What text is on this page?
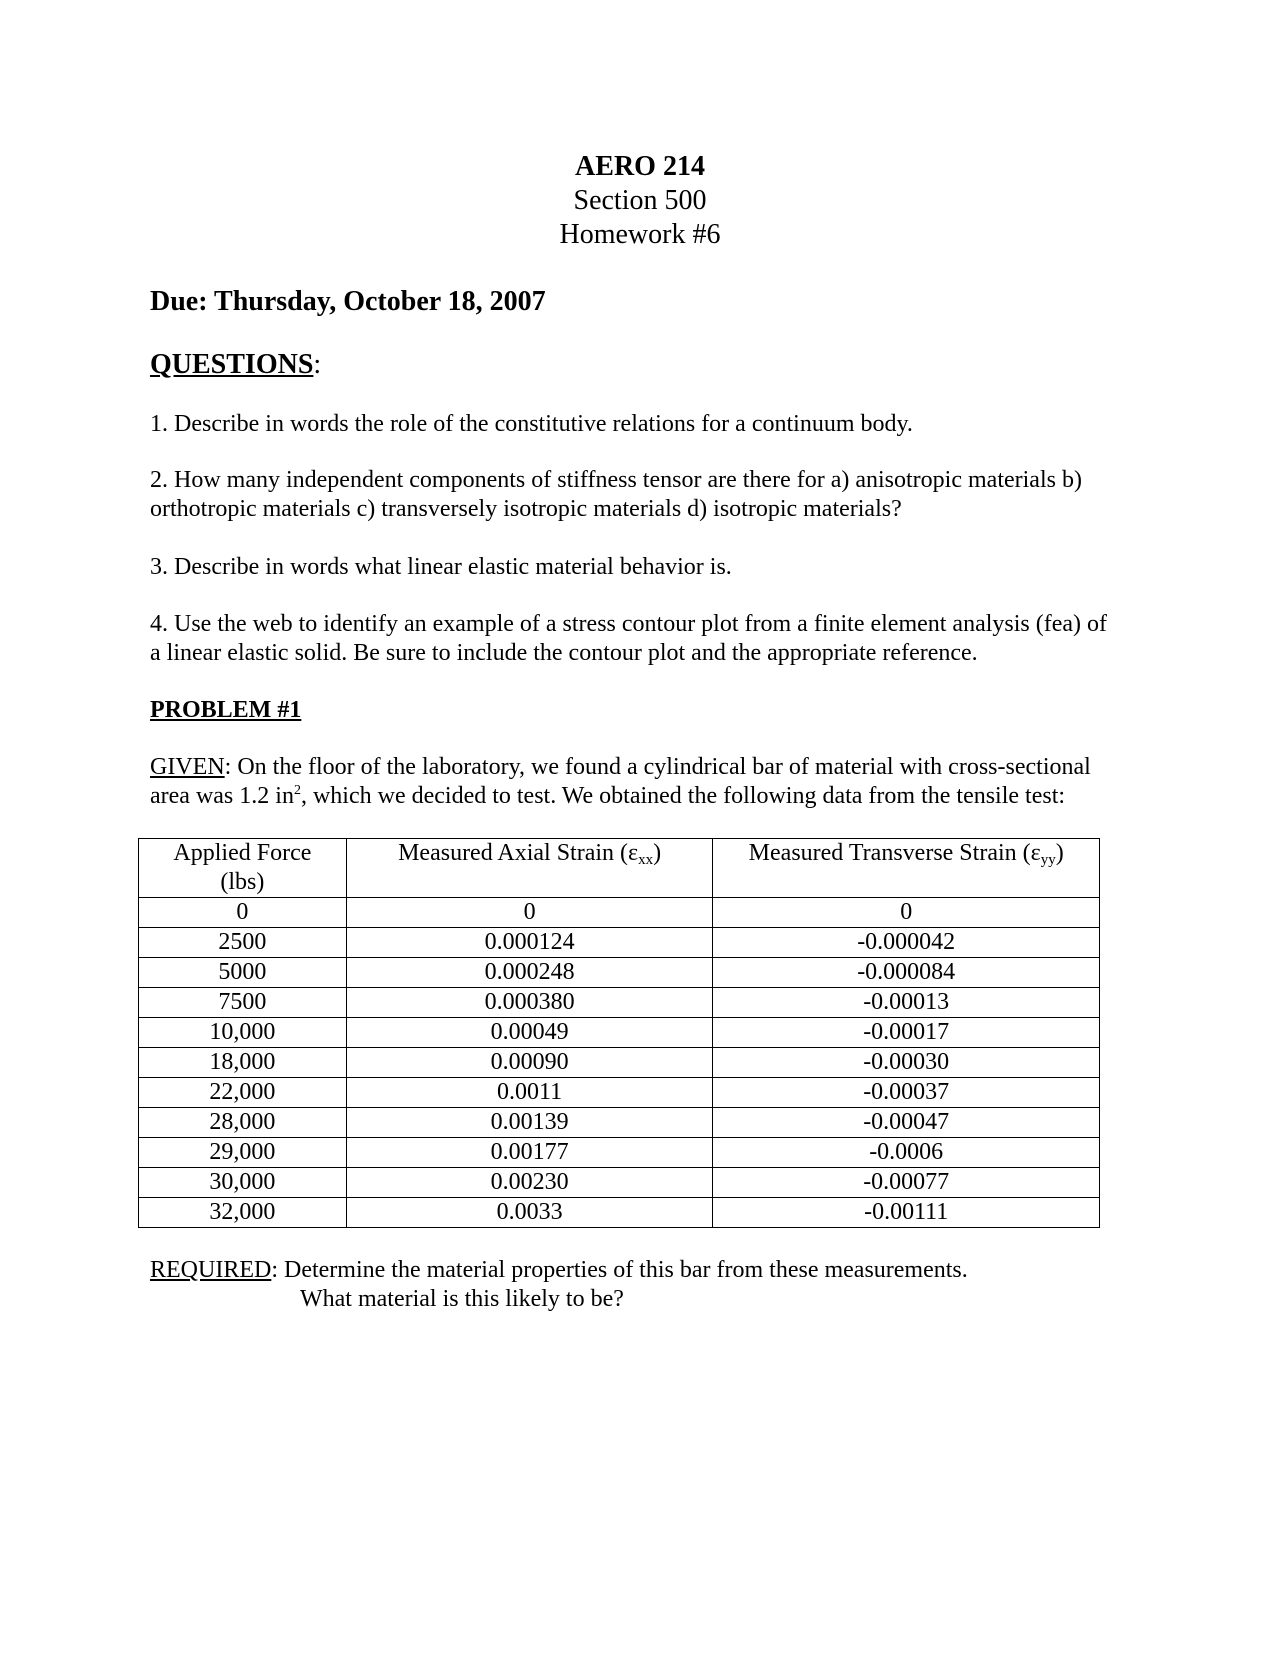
AERO 214
Section 500
Homework #6
Due: Thursday, October 18, 2007
QUESTIONS:
1. Describe in words the role of the constitutive relations for a continuum body.
2. How many independent components of stiffness tensor are there for a) anisotropic materials b)
orthotropic materials c) transversely isotropic materials d) isotropic materials?
3. Describe in words what linear elastic material behavior is.
4. Use the web to identify an example of a stress contour plot from a finite element analysis (fea) of
a linear elastic solid. Be sure to include the contour plot and the appropriate reference.
PROBLEM #1
GIVEN: On the floor of the laboratory, we found a cylindrical bar of material with cross-sectional
area was 1.2 $in^2$, which we decided to test. We obtained the following data from the tensile test:
Applied Force
(lbs)	Measured Axial Strain $(\varepsilon_{xx})$	Measured Transverse Strain $(\varepsilon_{yy})$
0	0	0
2500	0.000124	-0.000042
5000	0.000248	-0.000084
7500	0.000380	-0.00013
10,000	0.00049	-0.00017
18,000	0.00090	-0.00030
22,000	0.0011	-0.00037
28,000	0.00139	-0.00047
29,000	0.00177	-0.0006
30,000	0.00230	-0.00077
32,000	0.0033	-0.00111
REQUIRED: Determine the material properties of this bar from these measurements.
What material is this likely to be?
